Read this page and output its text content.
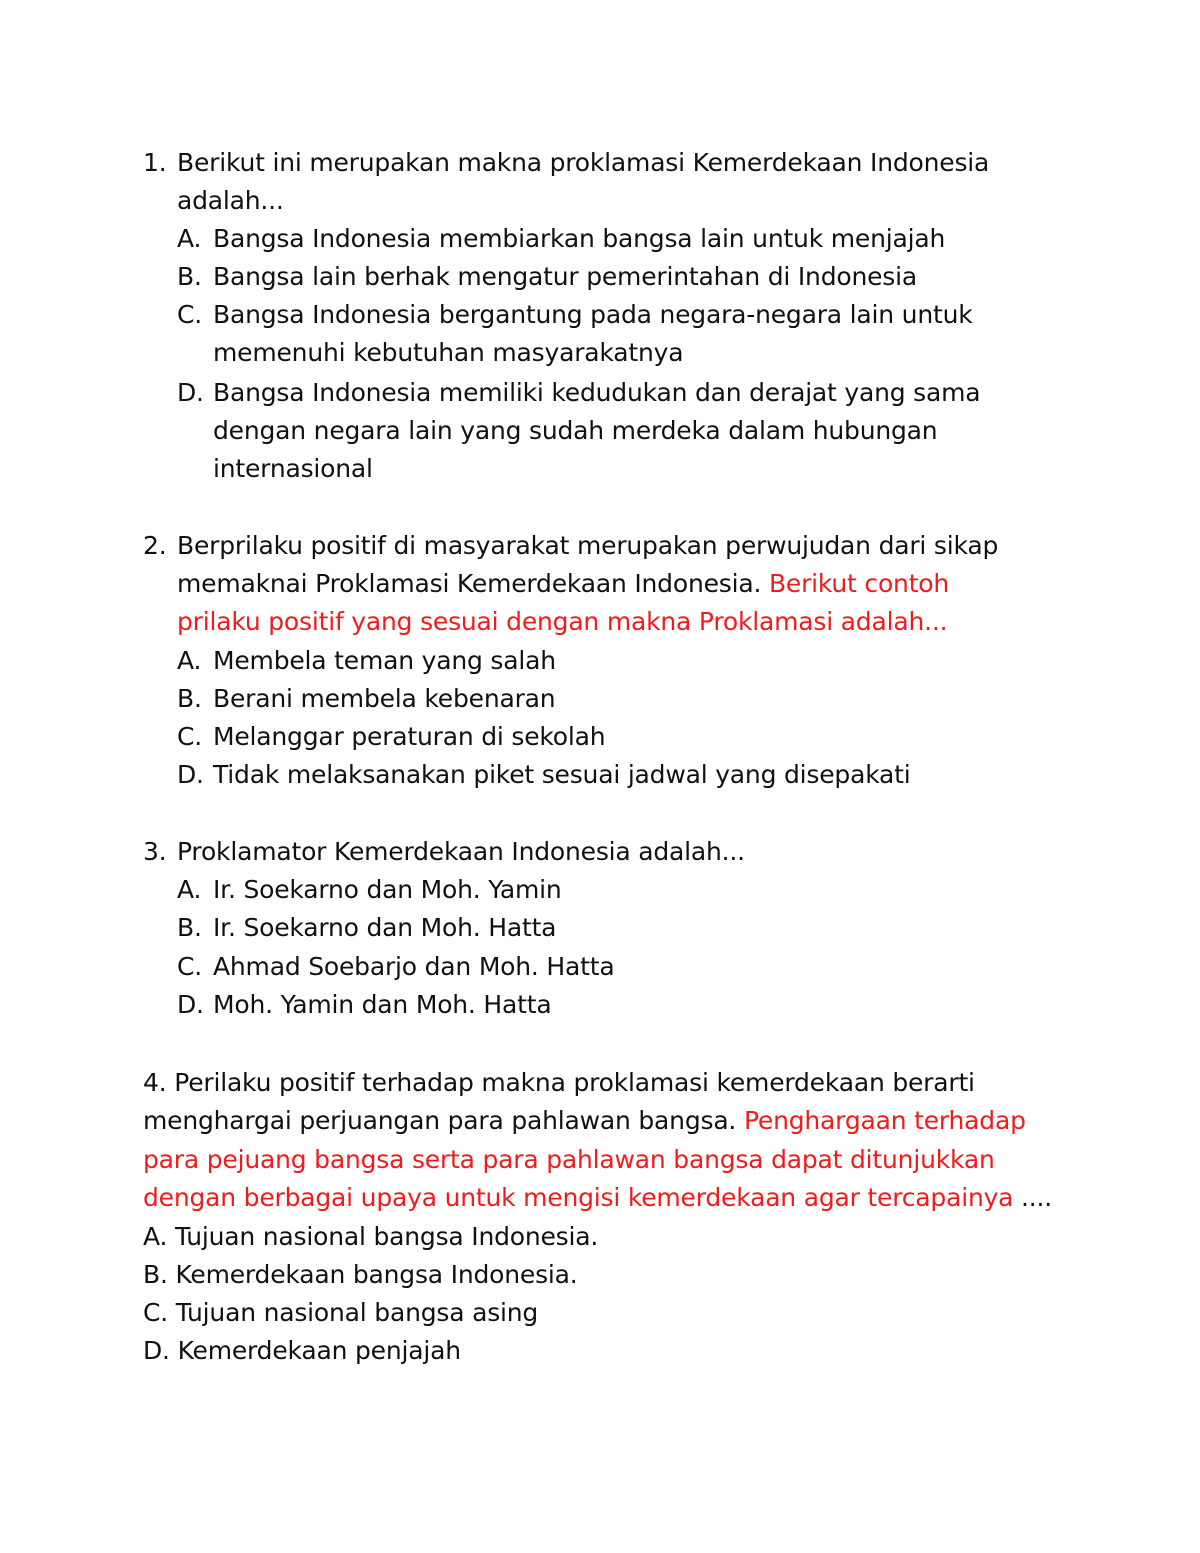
1. Berikut ini merupakan makna proklamasi Kemerdekaan Indonesia
adalah...
A. Bangsa Indonesia membiarkan bangsa lain untuk menjajah
B. Bangsa lain berhak mengatur pemerintahan di Indonesia
C. Bangsa Indonesia bergantung pada negara-negara lain untuk
memenuhi kebutuhan masyarakatnya
D. Bangsa Indonesia memiliki kedudukan dan derajat yang sama
dengan negara lain yang sudah merdeka dalam hubungan
internasional
2. Berprilaku positif di masyarakat merupakan perwujudan dari sikap
memaknai Proklamasi Kemerdekaan Indonesia. Berikut contoh
prilaku positif yang sesuai dengan makna Proklamasi adalah...
A. Membela teman yang salah
B. Berani membela kebenaran
C. Melanggar peraturan di sekolah
D. Tidak melaksanakan piket sesuai jadwal yang disepakati
3. Proklamator Kemerdekaan Indonesia adalah...
A. Ir. Soekarno dan Moh. Yamin
B. Ir. Soekarno dan Moh. Hatta
C. Ahmad Soebarjo dan Moh. Hatta
D. Moh. Yamin dan Moh. Hatta
4. Perilaku positif terhadap makna proklamasi kemerdekaan berarti
menghargai perjuangan para pahlawan bangsa. Penghargaan terhadap
para pejuang bangsa serta para pahlawan bangsa dapat ditunjukkan
dengan berbagai upaya untuk mengisi kemerdekaan agar tercapainya ....
A. Tujuan nasional bangsa Indonesia.
B. Kemerdekaan bangsa Indonesia.
C. Tujuan nasional bangsa asing
D. Kemerdekaan penjajah
